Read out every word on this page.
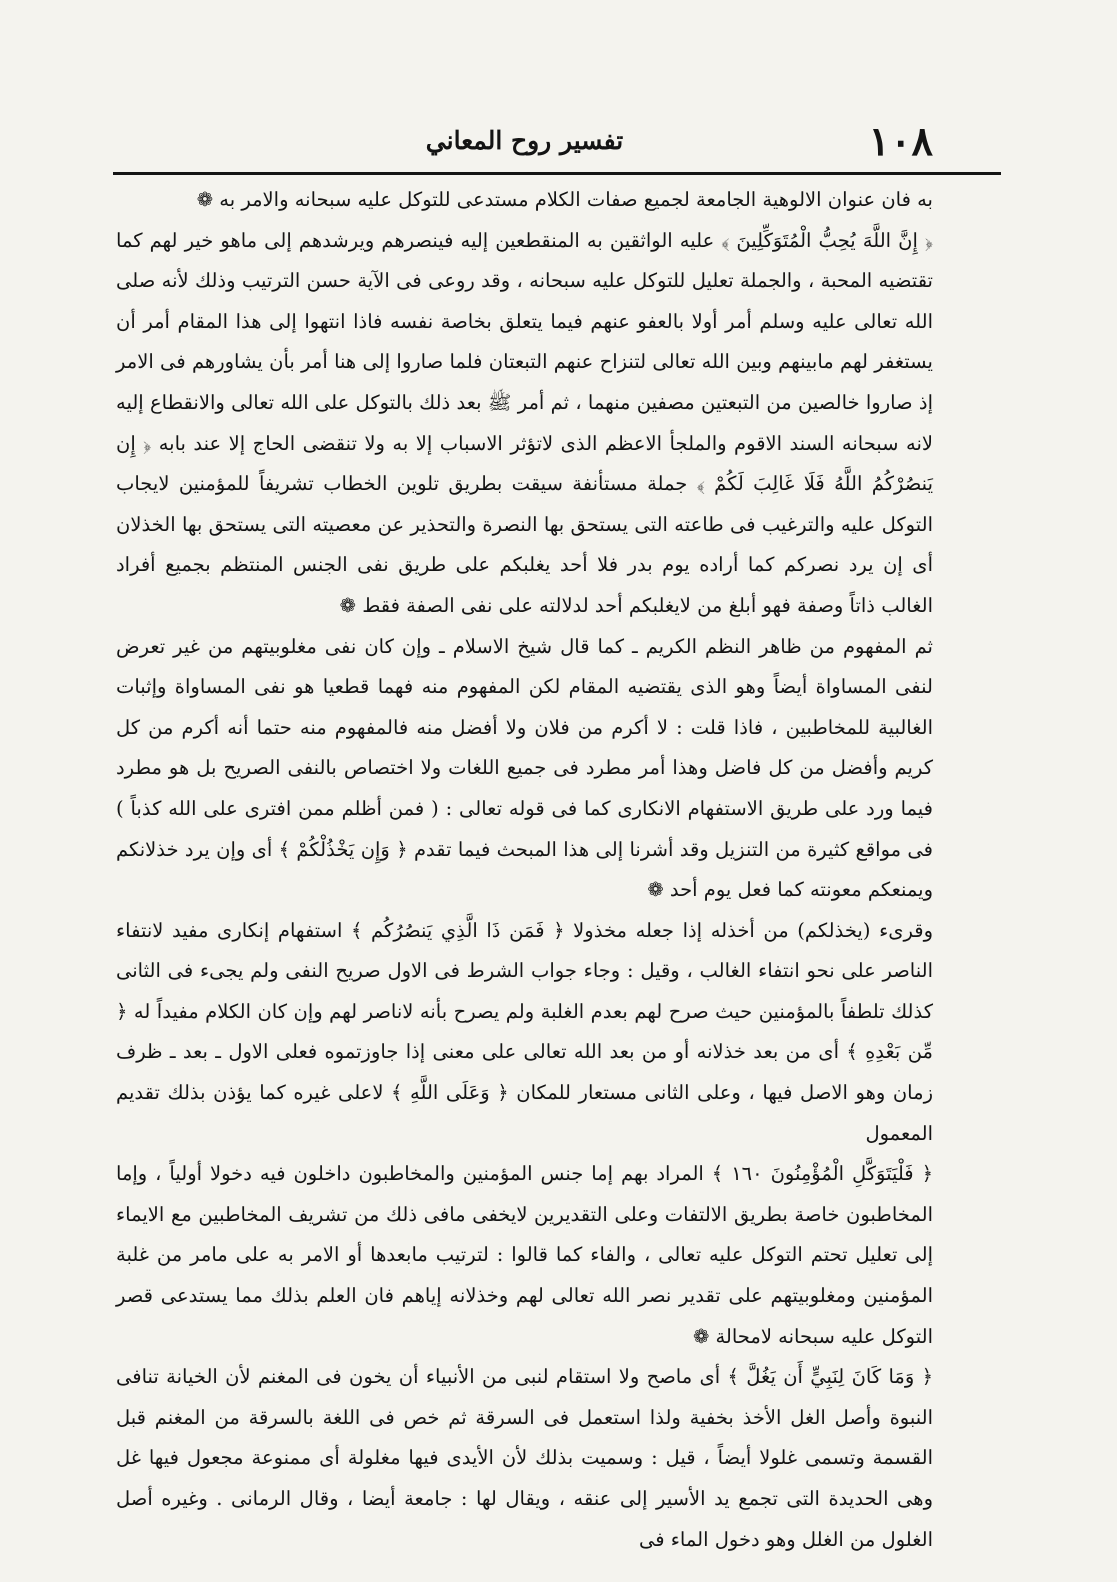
١٠٨
تفسير روح المعاني

به فان عنوان الالوهية الجامعة لجميع صفات الكلام مستدعى للتوكل عليه سبحانه والامر به ❁

﴿ إِنَّ اللَّهَ يُحِبُّ الْمُتَوَكِّلِينَ ﴾ عليه الواثقين به المنقطعين إليه فينصرهم ويرشدهم إلى ماهو خير لهم كما تقتضيه المحبة ، والجملة تعليل للتوكل عليه سبحانه ، وقد روعى فى الآية حسن الترتيب وذلك لأنه صلى الله تعالى عليه وسلم أمر أولا بالعفو عنهم فيما يتعلق بخاصة نفسه فاذا انتهوا إلى هذا المقام أمر أن يستغفر لهم مابينهم وبين الله تعالى لتنزاح عنهم التبعتان فلما صاروا إلى هنا أمر بأن يشاورهم فى الامر إذ صاروا خالصين من التبعتين مصفين منهما ، ثم أمر ﷺ بعد ذلك بالتوكل على الله تعالى والانقطاع إليه لانه سبحانه السند الاقوم والملجأ الاعظم الذى لاتؤثر الاسباب إلا به ولا تنقضى الحاج إلا عند بابه ﴿ إِن يَنصُرْكُمُ اللَّهُ فَلَا غَالِبَ لَكُمْ ﴾ جملة مستأنفة سيقت بطريق تلوين الخطاب تشريفاً للمؤمنين لايجاب التوكل عليه والترغيب فى طاعته التى يستحق بها النصرة والتحذير عن معصيته التى يستحق بها الخذلان أى إن يرد نصركم كما أراده يوم بدر فلا أحد يغلبكم على طريق نفى الجنس المنتظم بجميع أفراد الغالب ذاتاً وصفة فهو أبلغ من لايغلبكم أحد لدلالته على نفى الصفة فقط ❁

ثم المفهوم من ظاهر النظم الكريم ـ كما قال شيخ الاسلام ـ وإن كان نفى مغلوبيتهم من غير تعرض لنفى المساواة أيضاً وهو الذى يقتضيه المقام لكن المفهوم منه فهما قطعيا هو نفى المساواة وإثبات الغالبية للمخاطبين ، فاذا قلت : لا أكرم من فلان ولا أفضل منه فالمفهوم منه حتما أنه أكرم من كل كريم وأفضل من كل فاضل وهذا أمر مطرد فى جميع اللغات ولا اختصاص بالنفى الصريح بل هو مطرد فيما ورد على طريق الاستفهام الانكارى كما فى قوله تعالى : ( فمن أظلم ممن افترى على الله كذباً ) فى مواقع كثيرة من التنزيل وقد أشرنا إلى هذا المبحث فيما تقدم ﴿ وَإِن يَخْذُلْكُمْ ﴾ أى وإن يرد خذلانكم ويمنعكم معونته كما فعل يوم أحد ❁

وقرىء (يخذلكم) من أخذله إذا جعله مخذولا ﴿ فَمَن ذَا الَّذِي يَنصُرُكُم ﴾ استفهام إنكارى مفيد لانتفاء الناصر على نحو انتفاء الغالب ، وقيل : وجاء جواب الشرط فى الاول صريح النفى ولم يجىء فى الثانى كذلك تلطفاً بالمؤمنين حيث صرح لهم بعدم الغلبة ولم يصرح بأنه لاناصر لهم وإن كان الكلام مفيداً له ﴿ مِّن بَعْدِهِ ﴾ أى من بعد خذلانه أو من بعد الله تعالى على معنى إذا جاوزتموه فعلى الاول ـ بعد ـ ظرف زمان وهو الاصل فيها ، وعلى الثانى مستعار للمكان ﴿ وَعَلَى اللَّهِ ﴾ لاعلى غيره كما يؤذن بذلك تقديم المعمول

﴿ فَلْيَتَوَكَّلِ الْمُؤْمِنُونَ ١٦٠ ﴾ المراد بهم إما جنس المؤمنين والمخاطبون داخلون فيه دخولا أولياً ، وإما المخاطبون خاصة بطريق الالتفات وعلى التقديرين لايخفى مافى ذلك من تشريف المخاطبين مع الايماء إلى تعليل تحتم التوكل عليه تعالى ، والفاء كما قالوا : لترتيب مابعدها أو الامر به على مامر من غلبة المؤمنين ومغلوبيتهم على تقدير نصر الله تعالى لهم وخذلانه إياهم فان العلم بذلك مما يستدعى قصر التوكل عليه سبحانه لامحالة ❁

﴿ وَمَا كَانَ لِنَبِيٍّ أَن يَغُلَّ ﴾ أى ماصح ولا استقام لنبى من الأنبياء أن يخون فى المغنم لأن الخيانة تنافى النبوة وأصل الغل الأخذ بخفية ولذا استعمل فى السرقة ثم خص فى اللغة بالسرقة من المغنم قبل القسمة وتسمى غلولا أيضاً ، قيل : وسميت بذلك لأن الأيدى فيها مغلولة أى ممنوعة مجعول فيها غل وهى الحديدة التى تجمع يد الأسير إلى عنقه ، ويقال لها : جامعة أيضا ، وقال الرمانى . وغيره أصل الغلول من الغلل وهو دخول الماء فى
